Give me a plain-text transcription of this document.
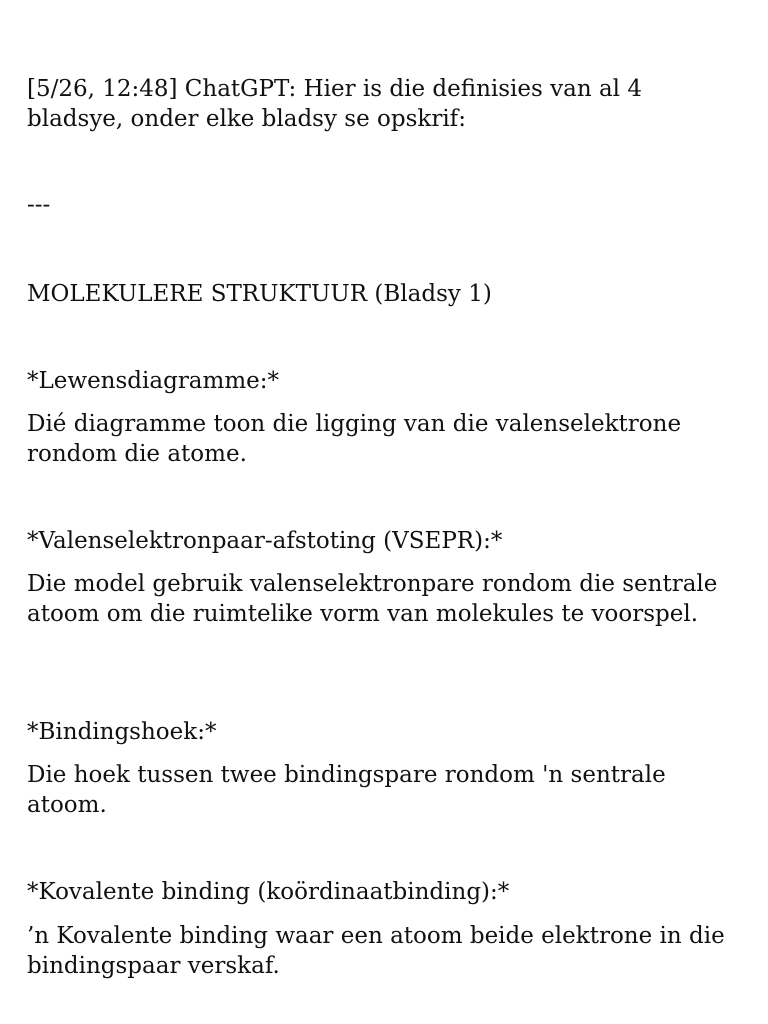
[5/26, 12:48] ChatGPT: Hier is die definisies van al 4 bladsye, onder elke bladsy se opskrif:

---

MOLEKULERE STRUKTUUR (Bladsy 1)

*Lewensdiagramme:*

Dié diagramme toon die ligging van die valenselektrone rondom die atome.

*Valenselektronpaar-afstoting (VSEPR):*

Die model gebruik valenselektronpare rondom die sentrale atoom om die ruimtelike vorm van molekules te voorspel.

*Bindingshoek:*

Die hoek tussen twee bindingspare rondom 'n sentrale atoom.

*Kovalente binding (koördinaatbinding):*

’n Kovalente binding waar een atoom beide elektrone in die bindingspaar verskaf.
